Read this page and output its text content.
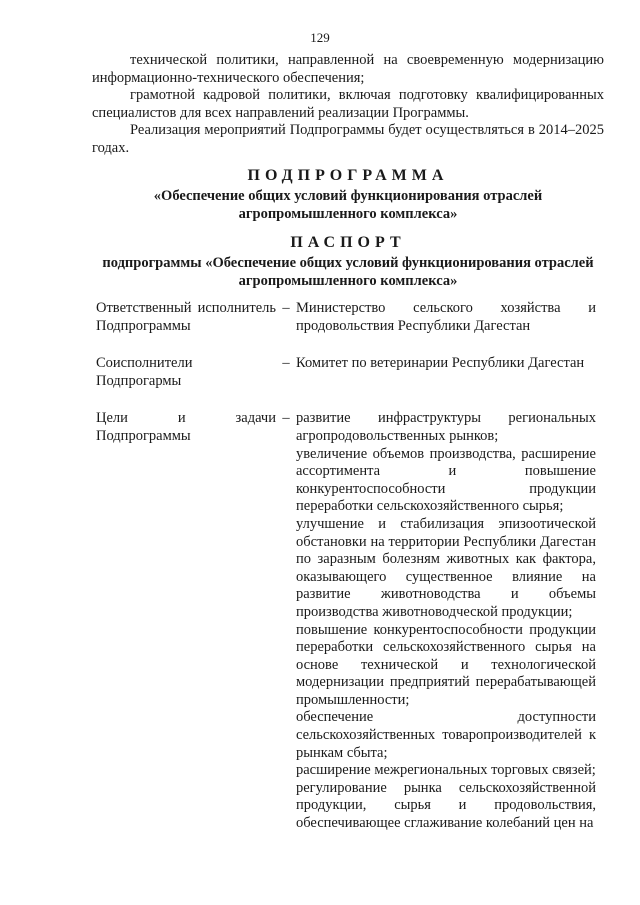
129

технической политики, направленной на своевременную модернизацию информационно-технического обеспечения;

грамотной кадровой политики, включая подготовку квалифицированных специалистов для всех направлений реализации Программы.

Реализация мероприятий Подпрограммы будет осуществляться в 2014–2025 годах.

ПОДПРОГРАММА
«Обеспечение общих условий функционирования отраслей агропромышленного комплекса»
ПАСПОРТ
подпрограммы «Обеспечение общих условий функционирования отраслей агропромышленного комплекса»
Ответственный исполнитель Подпрограммы
– Министерство сельского хозяйства и продовольствия Республики Дагестан

Соисполнители Подпрогармы
– Комитет по ветеринарии Республики Дагестан

Цели и задачи Подпрограммы
– развитие инфраструктуры региональных агропродовольственных рынков;

увеличение объемов производства, расширение ассортимента и повышение конкурентоспособности продукции переработки сельскохозяйственного сырья;

улучшение и стабилизация эпизоотической обстановки на территории Республики Дагестан по заразным болезням животных как фактора, оказывающего существенное влияние на развитие животноводства и объемы производства животноводческой продукции;

повышение конкурентоспособности продукции переработки сельскохозяйственного сырья на основе технической и технологической модернизации предприятий перерабатывающей промышленности;

обеспечение доступности сельскохозяйственных товаропроизводителей к рынкам сбыта;

расширение межрегиональных торговых связей;

регулирование рынка сельскохозяйственной продукции, сырья и продовольствия, обеспечивающее сглаживание колебаний цен на
